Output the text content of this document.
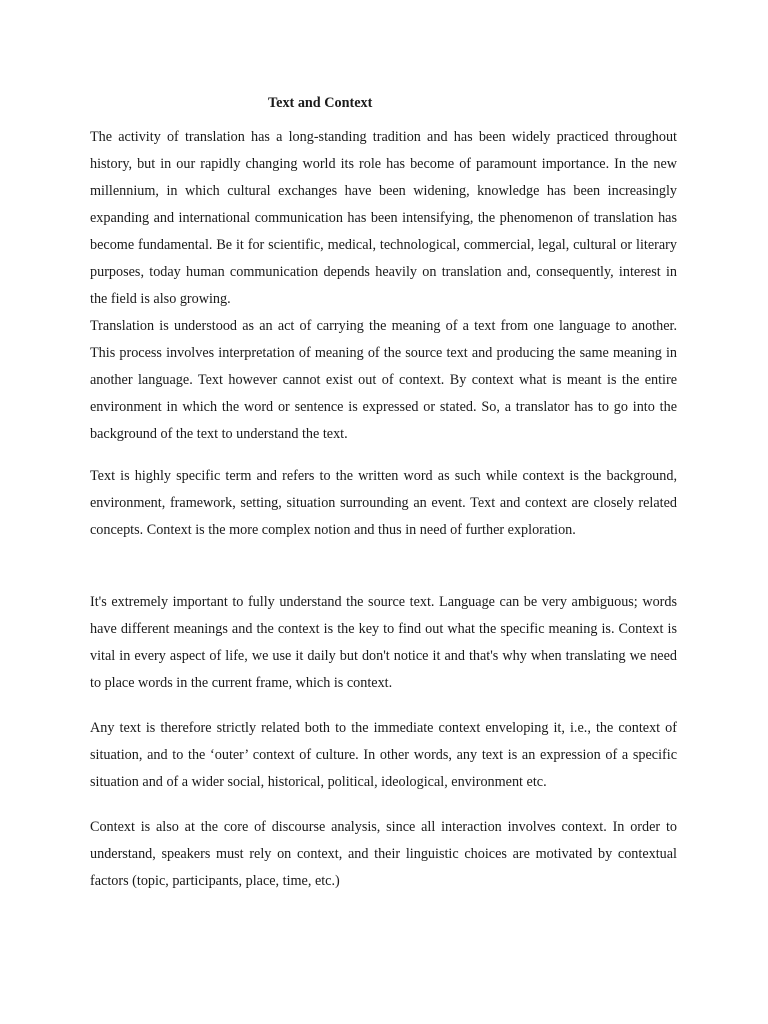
Text and Context

The activity of translation has a long-standing tradition and has been widely practiced throughout history, but in our rapidly changing world its role has become of paramount importance. In the new millennium, in which cultural exchanges have been widening, knowledge has been increasingly expanding and international communication has been intensifying, the phenomenon of translation has become fundamental. Be it for scientific, medical, technological, commercial, legal, cultural or literary purposes, today human communication depends heavily on translation and, consequently, interest in the field is also growing.

Translation is understood as an act of carrying the meaning of a text from one language to another. This process involves interpretation of meaning of the source text and producing the same meaning in another language. Text however cannot exist out of context. By context what is meant is the entire environment in which the word or sentence is expressed or stated. So, a translator has to go into the background of the text to understand the text.

Text is highly specific term and refers to the written word as such while context is the background, environment, framework, setting, situation surrounding an event. Text and context are closely related concepts. Context is the more complex notion and thus in need of further exploration.

It's extremely important to fully understand the source text. Language can be very ambiguous; words have different meanings and the context is the key to find out what the specific meaning is. Context is vital in every aspect of life, we use it daily but don't notice it and that's why when translating we need to place words in the current frame, which is context.

Any text is therefore strictly related both to the immediate context enveloping it, i.e., the context of situation, and to the ‘outer’ context of culture. In other words, any text is an expression of a specific situation and of a wider social, historical, political, ideological, environment etc.

Context is also at the core of discourse analysis, since all interaction involves context. In order to understand, speakers must rely on context, and their linguistic choices are motivated by contextual factors (topic, participants, place, time, etc.)
